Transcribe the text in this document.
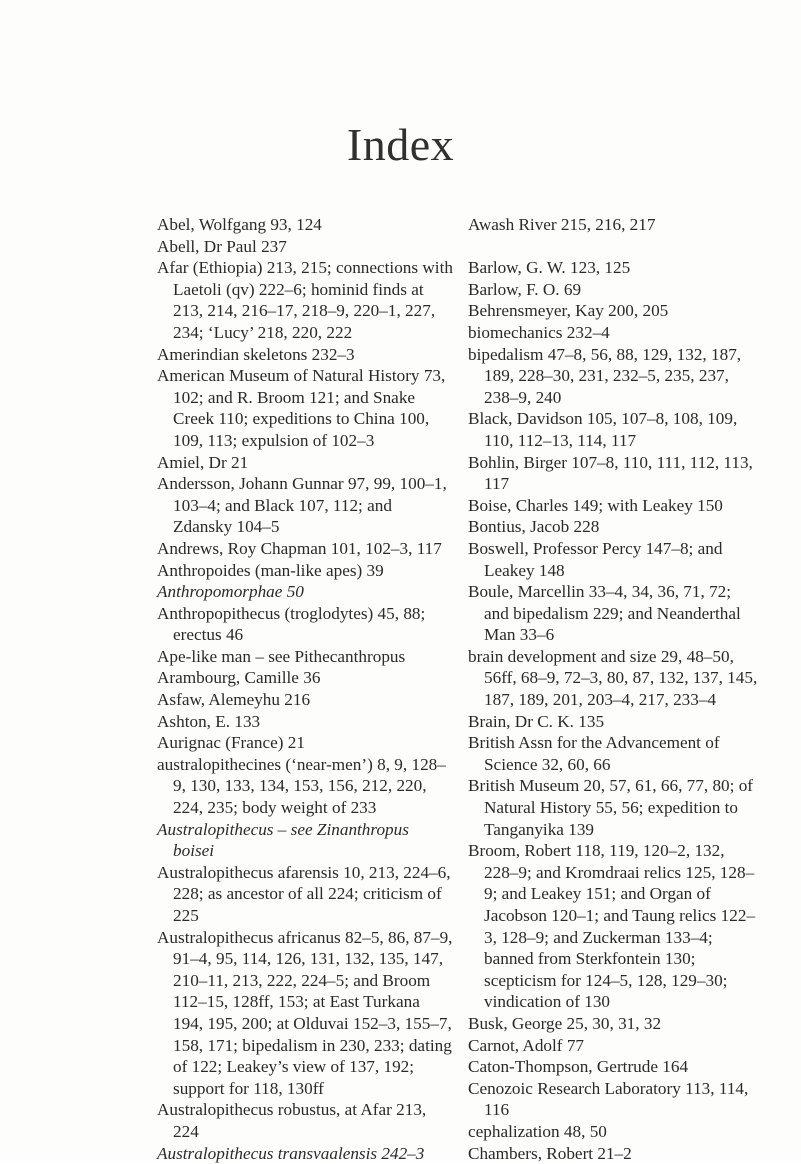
Index
Abel, Wolfgang 93, 124
Abell, Dr Paul 237
Afar (Ethiopia) 213, 215; connections with Laetoli (qv) 222–6; hominid finds at 213, 214, 216–17, 218–9, 220–1, 227, 234; ‘Lucy’ 218, 220, 222
Amerindian skeletons 232–3
American Museum of Natural History 73, 102; and R. Broom 121; and Snake Creek 110; expeditions to China 100, 109, 113; expulsion of 102–3
Amiel, Dr 21
Andersson, Johann Gunnar 97, 99, 100–1, 103–4; and Black 107, 112; and Zdansky 104–5
Andrews, Roy Chapman 101, 102–3, 117
Anthropoides (man-like apes) 39
Anthropomorphae 50
Anthropopithecus (troglodytes) 45, 88; erectus 46
Ape-like man – see Pithecanthropus
Arambourg, Camille 36
Asfaw, Alemeyhu 216
Ashton, E. 133
Aurignac (France) 21
australopithecines (‘near-men’) 8, 9, 128–9, 130, 133, 134, 153, 156, 212, 220, 224, 235; body weight of 233
Australopithecus – see Zinanthropus boisei
Australopithecus afarensis 10, 213, 224–6, 228; as ancestor of all 224; criticism of 225
Australopithecus africanus 82–5, 86, 87–9, 91–4, 95, 114, 126, 131, 132, 135, 147, 210–11, 213, 222, 224–5; and Broom 112–15, 128ff, 153; at East Turkana 194, 195, 200; at Olduvai 152–3, 155–7, 158, 171; bipedalism in 230, 233; dating of 122; Leakey’s view of 137, 192; support for 118, 130ff
Australopithecus robustus, at Afar 213, 224
Australopithecus transvaalensis 242–3
Awash River 215, 216, 217
Barlow, G. W. 123, 125
Barlow, F. O. 69
Behrensmeyer, Kay 200, 205
biomechanics 232–4
bipedalism 47–8, 56, 88, 129, 132, 187, 189, 228–30, 231, 232–5, 235, 237, 238–9, 240
Black, Davidson 105, 107–8, 108, 109, 110, 112–13, 114, 117
Bohlin, Birger 107–8, 110, 111, 112, 113, 117
Boise, Charles 149; with Leakey 150
Bontius, Jacob 228
Boswell, Professor Percy 147–8; and Leakey 148
Boule, Marcellin 33–4, 34, 36, 71, 72; and bipedalism 229; and Neanderthal Man 33–6
brain development and size 29, 48–50, 56ff, 68–9, 72–3, 80, 87, 132, 137, 145, 187, 189, 201, 203–4, 217, 233–4
Brain, Dr C. K. 135
British Assn for the Advancement of Science 32, 60, 66
British Museum 20, 57, 61, 66, 77, 80; of Natural History 55, 56; expedition to Tanganyika 139
Broom, Robert 118, 119, 120–2, 132, 228–9; and Kromdraai relics 125, 128–9; and Leakey 151; and Organ of Jacobson 120–1; and Taung relics 122–3, 128–9; and Zuckerman 133–4; banned from Sterkfontein 130; scepticism for 124–5, 128, 129–30; vindication of 130
Busk, George 25, 30, 31, 32
Carnot, Adolf 77
Caton-Thompson, Gertrude 164
Cenozoic Research Laboratory 113, 114, 116
cephalization 48, 50
Chambers, Robert 21–2
